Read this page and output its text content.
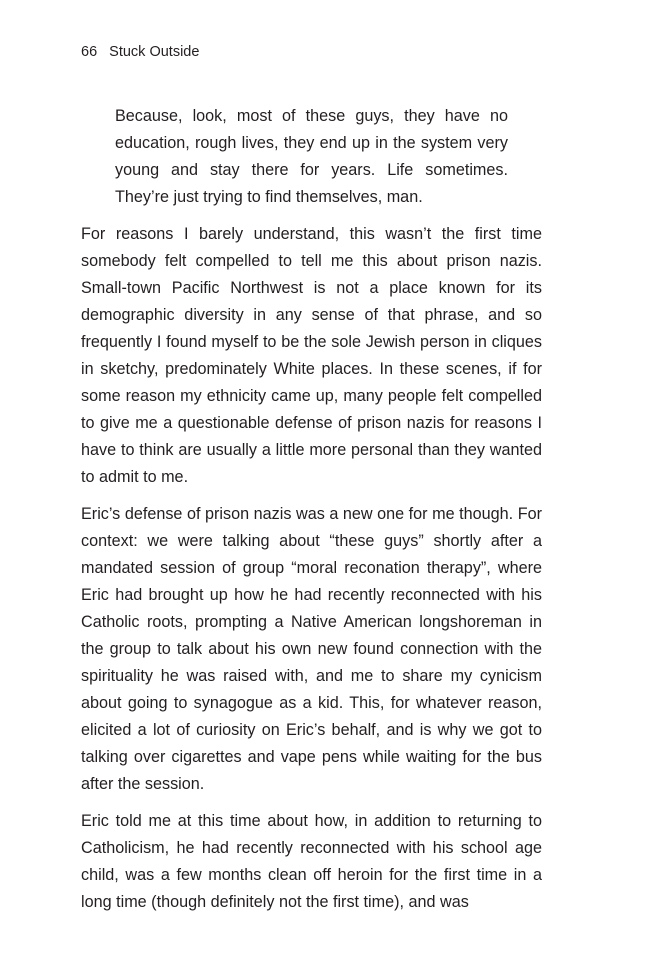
66 Stuck Outside

Because, look, most of these guys, they have no education, rough lives, they end up in the system very young and stay there for years. Life sometimes. They’re just trying to find themselves, man.

For reasons I barely understand, this wasn’t the first time somebody felt compelled to tell me this about prison nazis. Small-town Pacific Northwest is not a place known for its demographic diversity in any sense of that phrase, and so frequently I found myself to be the sole Jewish person in cliques in sketchy, predominately White places. In these scenes, if for some reason my ethnicity came up, many people felt compelled to give me a questionable defense of prison nazis for reasons I have to think are usually a little more personal than they wanted to admit to me.

Eric’s defense of prison nazis was a new one for me though. For context: we were talking about “these guys” shortly after a mandated session of group “moral reconation therapy”, where Eric had brought up how he had recently reconnected with his Catholic roots, prompting a Native American longshoreman in the group to talk about his own new found connection with the spirituality he was raised with, and me to share my cynicism about going to synagogue as a kid. This, for whatever reason, elicited a lot of curiosity on Eric’s behalf, and is why we got to talking over cigarettes and vape pens while waiting for the bus after the session.

Eric told me at this time about how, in addition to returning to Catholicism, he had recently reconnected with his school age child, was a few months clean off heroin for the first time in a long time (though definitely not the first time), and was
